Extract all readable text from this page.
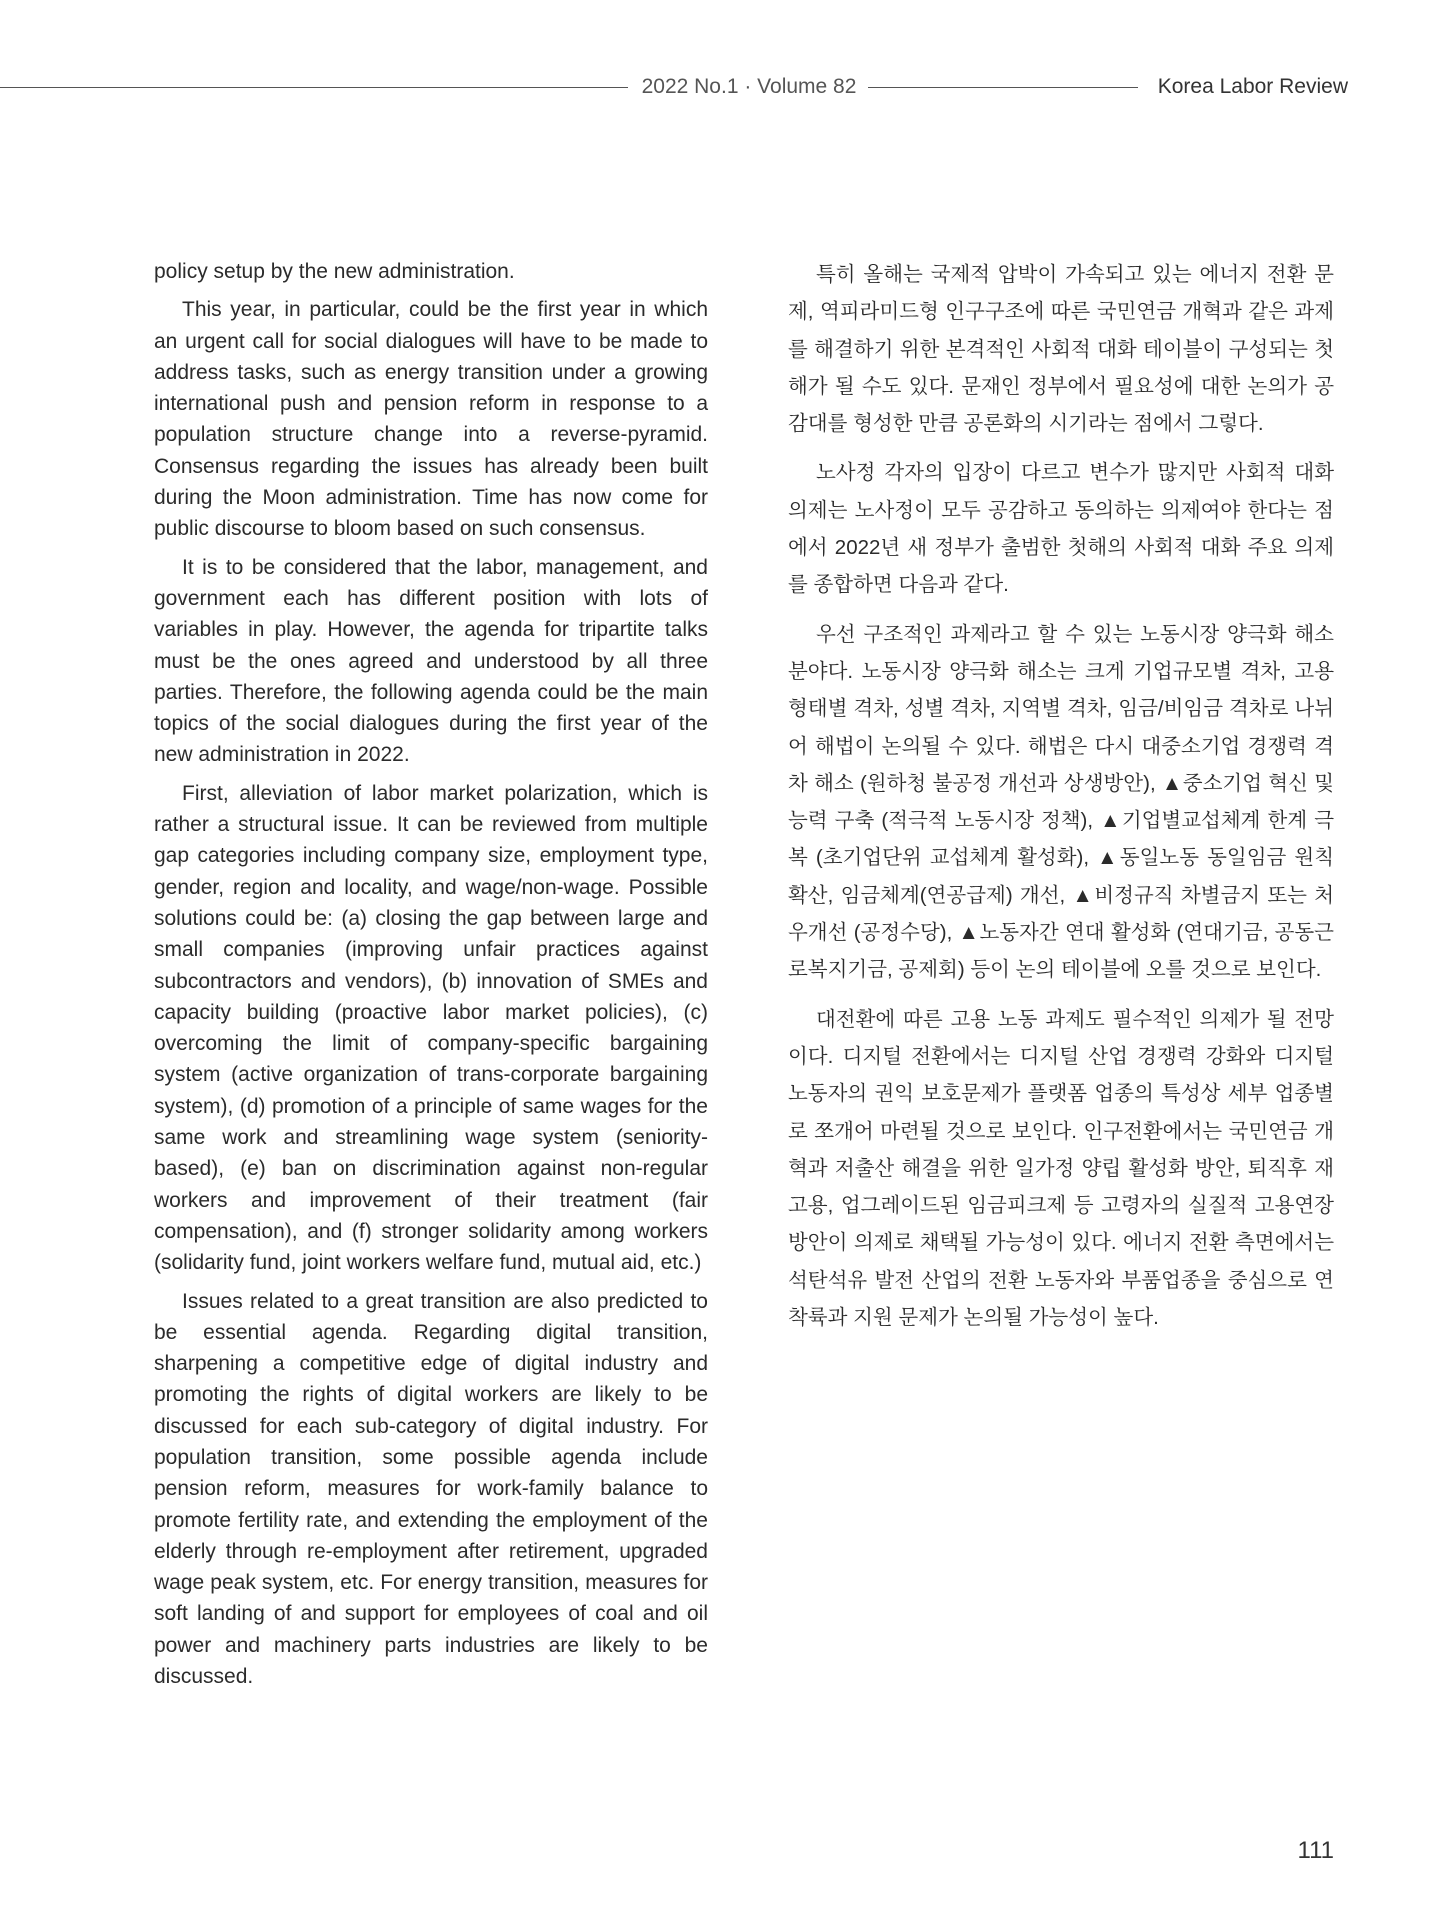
2022 No.1 · Volume 82	Korea Labor Review

policy setup by the new administration.

This year, in particular, could be the first year in which an urgent call for social dialogues will have to be made to address tasks, such as energy transition under a growing international push and pension reform in response to a population structure change into a reverse-pyramid. Consensus regarding the issues has already been built during the Moon administration. Time has now come for public discourse to bloom based on such consensus.

It is to be considered that the labor, management, and government each has different position with lots of variables in play. However, the agenda for tripartite talks must be the ones agreed and understood by all three parties. Therefore, the following agenda could be the main topics of the social dialogues during the first year of the new administration in 2022.

First, alleviation of labor market polarization, which is rather a structural issue. It can be reviewed from multiple gap categories including company size, employment type, gender, region and locality, and wage/non-wage. Possible solutions could be: (a) closing the gap between large and small companies (improving unfair practices against subcontractors and vendors), (b) innovation of SMEs and capacity building (proactive labor market policies), (c) overcoming the limit of company-specific bargaining system (active organization of trans-corporate bargaining system), (d) promotion of a principle of same wages for the same work and streamlining wage system (seniority-based), (e) ban on discrimination against non-regular workers and improvement of their treatment (fair compensation), and (f) stronger solidarity among workers (solidarity fund, joint workers welfare fund, mutual aid, etc.)

Issues related to a great transition are also predicted to be essential agenda. Regarding digital transition, sharpening a competitive edge of digital industry and promoting the rights of digital workers are likely to be discussed for each sub-category of digital industry. For population transition, some possible agenda include pension reform, measures for work-family balance to promote fertility rate, and extending the employment of the elderly through re-employment after retirement, upgraded wage peak system, etc. For energy transition, measures for soft landing of and support for employees of coal and oil power and machinery parts industries are likely to be discussed.

특히 올해는 국제적 압박이 가속되고 있는 에너지 전환 문제, 역피라미드형 인구구조에 따른 국민연금 개혁과 같은 과제를 해결하기 위한 본격적인 사회적 대화 테이블이 구성되는 첫해가 될 수도 있다. 문재인 정부에서 필요성에 대한 논의가 공감대를 형성한 만큼 공론화의 시기라는 점에서 그렇다.

노사정 각자의 입장이 다르고 변수가 많지만 사회적 대화 의제는 노사정이 모두 공감하고 동의하는 의제여야 한다는 점에서 2022년 새 정부가 출범한 첫해의 사회적 대화 주요 의제를 종합하면 다음과 같다.

우선 구조적인 과제라고 할 수 있는 노동시장 양극화 해소 분야다. 노동시장 양극화 해소는 크게 기업규모별 격차, 고용형태별 격차, 성별 격차, 지역별 격차, 임금/비임금 격차로 나뉘어 해법이 논의될 수 있다. 해법은 다시 대중소기업 경쟁력 격차 해소 (원하청 불공정 개선과 상생방안), ▲중소기업 혁신 및 능력 구축 (적극적 노동시장 정책), ▲기업별교섭체계 한계 극복 (초기업단위 교섭체계 활성화), ▲동일노동 동일임금 원칙 확산, 임금체계(연공급제) 개선, ▲비정규직 차별금지 또는 처우개선 (공정수당), ▲노동자간 연대 활성화 (연대기금, 공동근로복지기금, 공제회) 등이 논의 테이블에 오를 것으로 보인다.

대전환에 따른 고용 노동 과제도 필수적인 의제가 될 전망이다. 디지털 전환에서는 디지털 산업 경쟁력 강화와 디지털 노동자의 권익 보호문제가 플랫폼 업종의 특성상 세부 업종별로 쪼개어 마련될 것으로 보인다. 인구전환에서는 국민연금 개혁과 저출산 해결을 위한 일가정 양립 활성화 방안, 퇴직후 재고용, 업그레이드된 임금피크제 등 고령자의 실질적 고용연장 방안이 의제로 채택될 가능성이 있다. 에너지 전환 측면에서는 석탄석유 발전 산업의 전환 노동자와 부품업종을 중심으로 연착륙과 지원 문제가 논의될 가능성이 높다.

111
